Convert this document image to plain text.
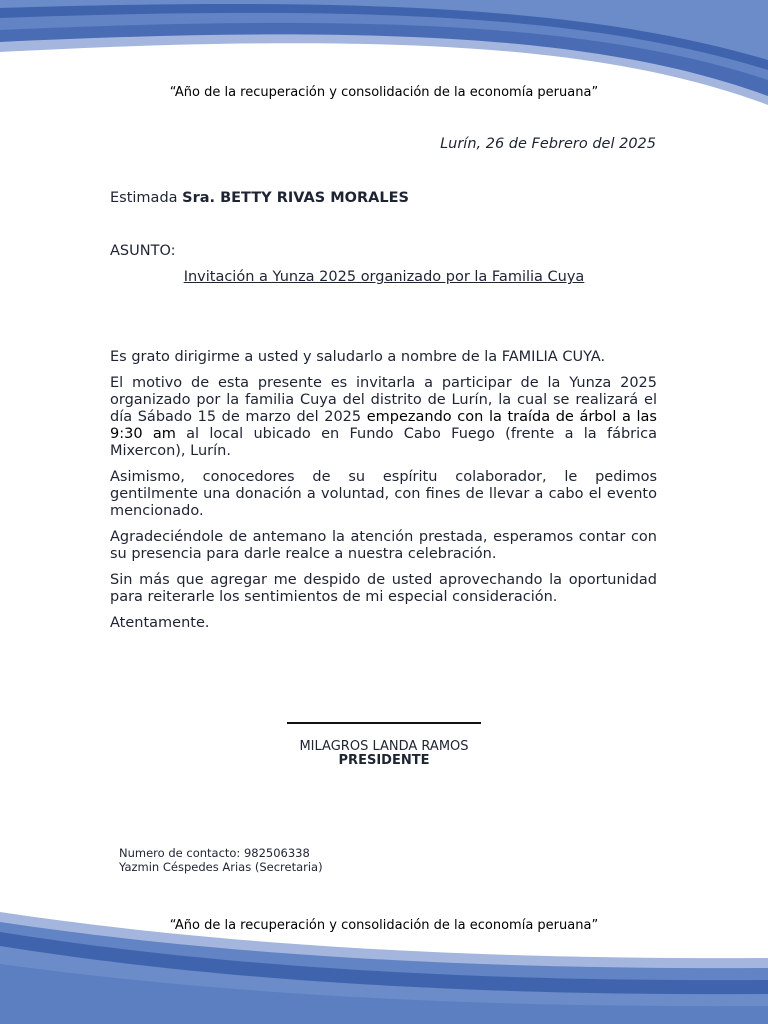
“Año de la recuperación y consolidación de la economía peruana”
Lurín, 26 de Febrero del 2025
Estimada Sra. BETTY RIVAS MORALES
ASUNTO:
Invitación a Yunza 2025 organizado por la Familia Cuya

Es grato dirigirme a usted y saludarlo a nombre de la FAMILIA CUYA.

El motivo de esta presente es invitarla a participar de la Yunza 2025 organizado por la familia Cuya del distrito de Lurín, la cual se realizará el día Sábado 15 de marzo del 2025 empezando con la traída de árbol a las 9:30 am al local ubicado en Fundo Cabo Fuego (frente a la fábrica Mixercon), Lurín.

Asimismo, conocedores de su espíritu colaborador, le pedimos gentilmente una donación a voluntad, con fines de llevar a cabo el evento mencionado.

Agradeciéndole de antemano la atención prestada, esperamos contar con su presencia para darle realce a nuestra celebración.

Sin más que agregar me despido de usted aprovechando la oportunidad para reiterarle los sentimientos de mi especial consideración.

Atentamente.

MILAGROS LANDA RAMOS
PRESIDENTE
Numero de contacto: 982506338
Yazmin Céspedes Arias (Secretaria)
“Año de la recuperación y consolidación de la economía peruana”
